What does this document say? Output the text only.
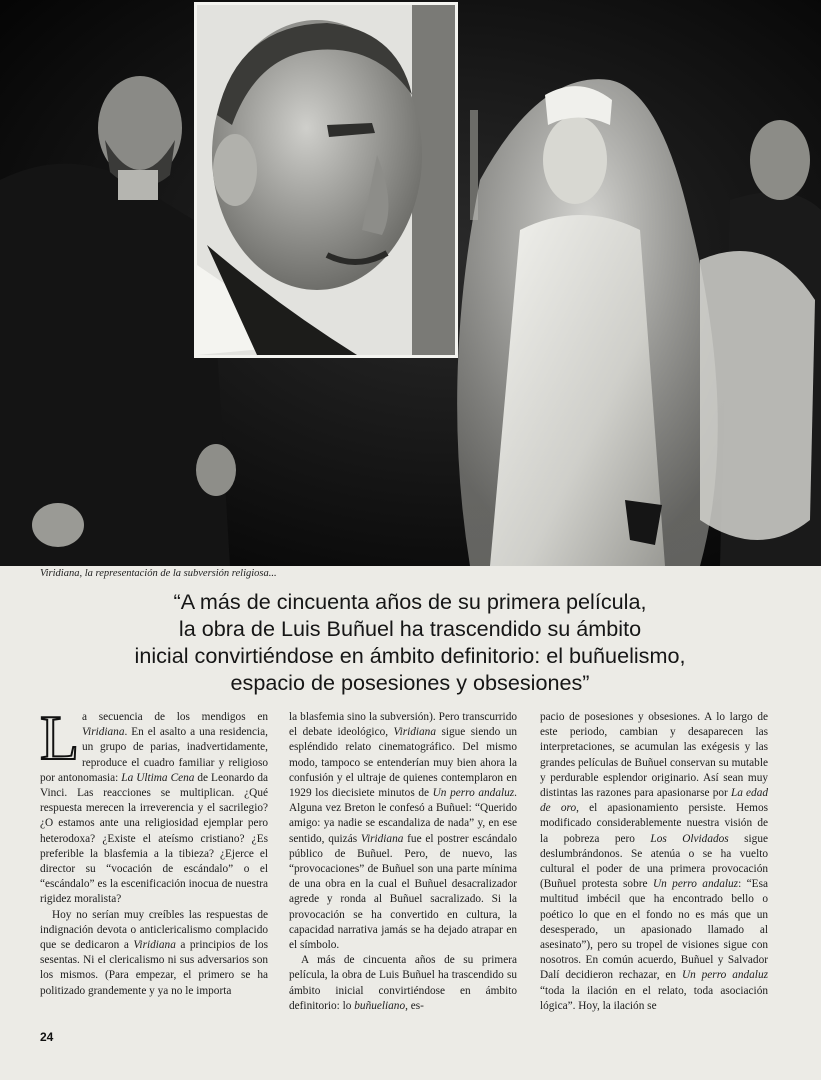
Viridiana, la representación de la subversión religiosa...
“A más de cincuenta años de su primera película,
la obra de Luis Buñuel ha trascendido su ámbito
inicial convirtiéndose en ámbito definitorio: el buñuelismo,
espacio de posesiones y obsesiones”

La secuencia de los mendigos en Viridiana. En el asalto a una residencia, un grupo de parias, inadvertidamente, reproduce el cuadro familiar y religioso por antonomasia: La Ultima Cena de Leonardo da Vinci. Las reacciones se multiplican. ¿Qué respuesta merecen la irreverencia y el sacrilegio? ¿O estamos ante una religiosidad ejemplar pero heterodoxa? ¿Existe el ateísmo cristiano? ¿Es preferible la blasfemia a la tibieza? ¿Ejerce el director su “vocación de escándalo” o el “escándalo” es la escenificación inocua de nuestra rigidez moralista?

Hoy no serían muy creíbles las respuestas de indignación devota o anticlericalismo complacido que se dedicaron a Viridiana a principios de los sesentas. Ni el clericalismo ni sus adversarios son los mismos. (Para empezar, el primero se ha politizado grandemente y ya no le importa

la blasfemia sino la subversión). Pero transcurrido el debate ideológico, Viridiana sigue siendo un espléndido relato cinematográfico. Del mismo modo, tampoco se entenderían muy bien ahora la confusión y el ultraje de quienes contemplaron en 1929 los diecisiete minutos de Un perro andaluz. Alguna vez Breton le confesó a Buñuel: “Querido amigo: ya nadie se escandaliza de nada” y, en ese sentido, quizás Viridiana fue el postrer escándalo público de Buñuel. Pero, de nuevo, las “provocaciones” de Buñuel son una parte mínima de una obra en la cual el Buñuel desacralizador agrede y ronda al Buñuel sacralizado. Si la provocación se ha convertido en cultura, la capacidad narrativa jamás se ha dejado atrapar en el símbolo.

A más de cincuenta años de su primera película, la obra de Luis Buñuel ha trascendido su ámbito inicial convirtiéndose en ámbito definitorio: lo buñueliano, es-

pacio de posesiones y obsesiones. A lo largo de este periodo, cambian y desaparecen las interpretaciones, se acumulan las exégesis y las grandes películas de Buñuel conservan su mutable y perdurable esplendor originario. Así sean muy distintas las razones para apasionarse por La edad de oro, el apasionamiento persiste. Hemos modificado considerablemente nuestra visión de la pobreza pero Los Olvidados sigue deslumbrándonos. Se atenúa o se ha vuelto cultural el poder de una primera provocación (Buñuel protesta sobre Un perro andaluz: “Esa multitud imbécil que ha encontrado bello o poético lo que en el fondo no es más que un desesperado, un apasionado llamado al asesinato”), pero su tropel de visiones sigue con nosotros. En común acuerdo, Buñuel y Salvador Dalí decidieron rechazar, en Un perro andaluz “toda la ilación en el relato, toda asociación lógica”. Hoy, la ilación se

24
